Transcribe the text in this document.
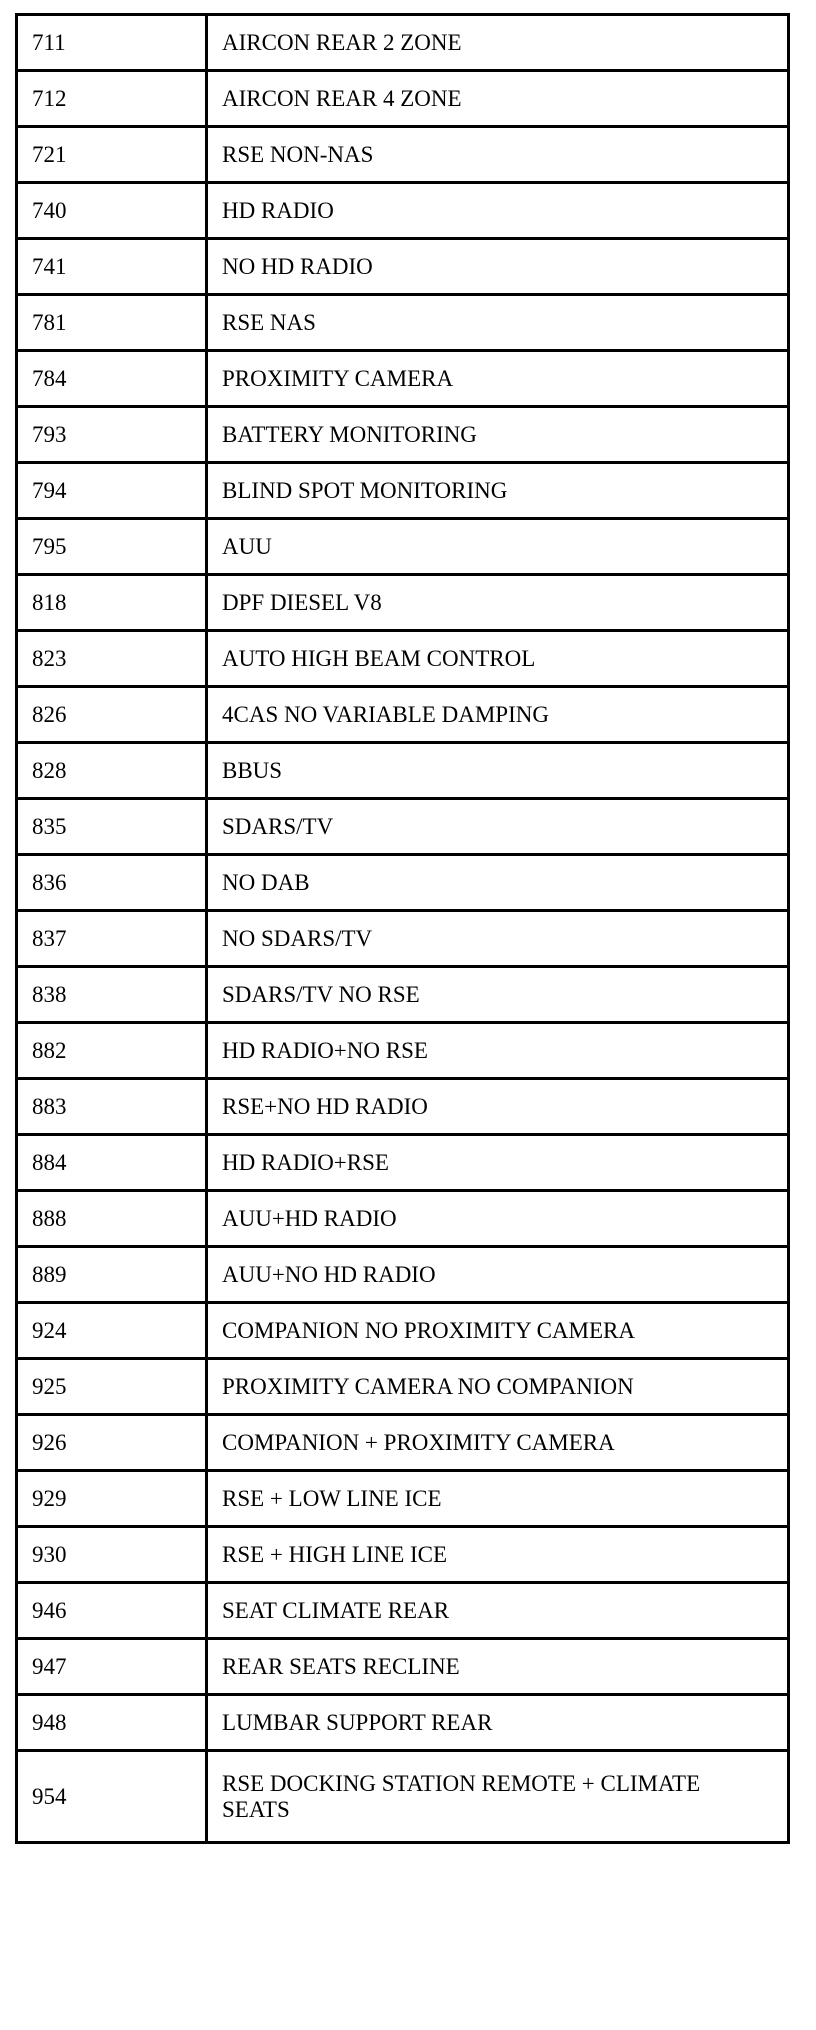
711	AIRCON REAR 2 ZONE
712	AIRCON REAR 4 ZONE
721	RSE NON-NAS
740	HD RADIO
741	NO HD RADIO
781	RSE NAS
784	PROXIMITY CAMERA
793	BATTERY MONITORING
794	BLIND SPOT MONITORING
795	AUU
818	DPF DIESEL V8
823	AUTO HIGH BEAM CONTROL
826	4CAS NO VARIABLE DAMPING
828	BBUS
835	SDARS/TV
836	NO DAB
837	NO SDARS/TV
838	SDARS/TV NO RSE
882	HD RADIO+NO RSE
883	RSE+NO HD RADIO
884	HD RADIO+RSE
888	AUU+HD RADIO
889	AUU+NO HD RADIO
924	COMPANION NO PROXIMITY CAMERA
925	PROXIMITY CAMERA NO COMPANION
926	COMPANION + PROXIMITY CAMERA
929	RSE + LOW LINE ICE
930	RSE + HIGH LINE ICE
946	SEAT CLIMATE REAR
947	REAR SEATS RECLINE
948	LUMBAR SUPPORT REAR
954	RSE DOCKING STATION REMOTE + CLIMATE SEATS
